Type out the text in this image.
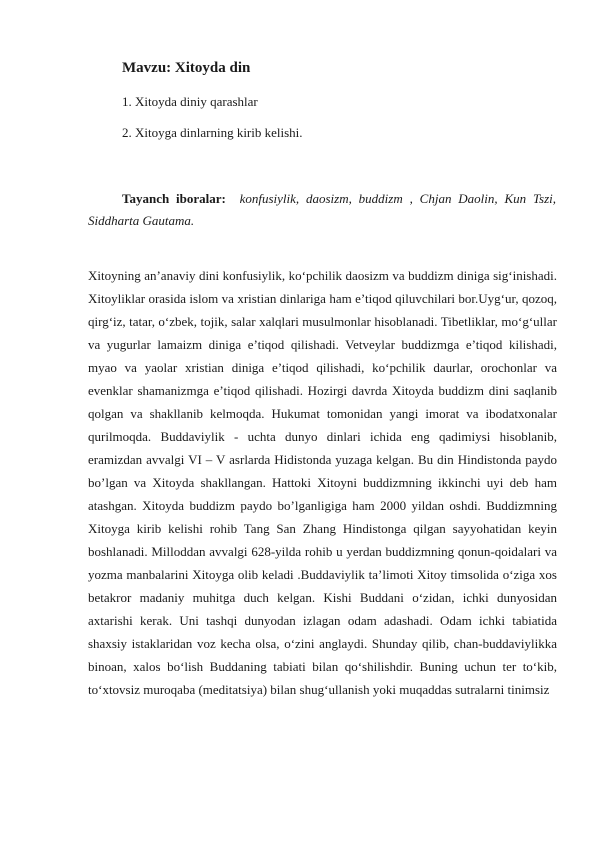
Mavzu: Xitoyda din

1. Xitoyda diniy qarashlar

2. Xitoyga dinlarning kirib kelishi.

Tayanch iboralar: konfusiylik, daosizm, buddizm , Chjan Daolin, Kun Tszi, Siddharta Gautama.

Xitoyning an’anaviy dini konfusiylik, ko‘pchilik daosizm va buddizm diniga sig‘inishadi. Xitoyliklar orasida islom va xristian dinlariga ham e’tiqod qiluvchilari bor.Uyg‘ur, qozoq, qirg‘iz, tatar, o‘zbek, tojik, salar xalqlari musulmonlar hisoblanadi. Tibetliklar, mo‘g‘ullar va yugurlar lamaizm diniga e’tiqod qilishadi. Vetveylar buddizmga e’tiqod kilishadi, myao va yaolar xristian diniga e’tiqod qilishadi, ko‘pchilik daurlar, orochonlar va evenklar shamanizmga e’tiqod qilishadi. Hozirgi davrda Xitoyda buddizm dini saqlanib qolgan va shakllanib kelmoqda. Hukumat tomonidan yangi imorat va ibodatxonalar qurilmoqda. Buddaviylik - uchta dunyo dinlari ichida eng qadimiysi hisoblanib, eramizdan avvalgi VI – V asrlarda Hidistonda yuzaga kelgan. Bu din Hindistonda paydo bo’lgan va Xitoyda shakllangan. Hattoki Xitoyni buddizmning ikkinchi uyi deb ham atashgan. Xitoyda buddizm paydo bo’lganligiga ham 2000 yildan oshdi. Buddizmning Xitoyga kirib kelishi rohib Tang San Zhang Hindistonga qilgan sayyohatidan keyin boshlanadi. Milloddan avvalgi 628-yilda rohib u yerdan buddizmning qonun-qoidalari va yozma manbalarini Xitoyga olib keladi .Buddaviylik ta’limoti Xitoy timsolida o‘ziga xos betakror madaniy muhitga duch kelgan. Kishi Buddani o‘zidan, ichki dunyosidan axtarishi kerak. Uni tashqi dunyodan izlagan odam adashadi. Odam ichki tabiatida shaxsiy istaklaridan voz kecha olsa, o‘zini anglaydi. Shunday qilib, chan-buddaviylikka binoan, xalos bo‘lish Buddaning tabiati bilan qo‘shilishdir. Buning uchun ter to‘kib, to‘xtovsiz muroqaba (meditatsiya) bilan shug‘ullanish yoki muqaddas sutralarni tinimsiz
